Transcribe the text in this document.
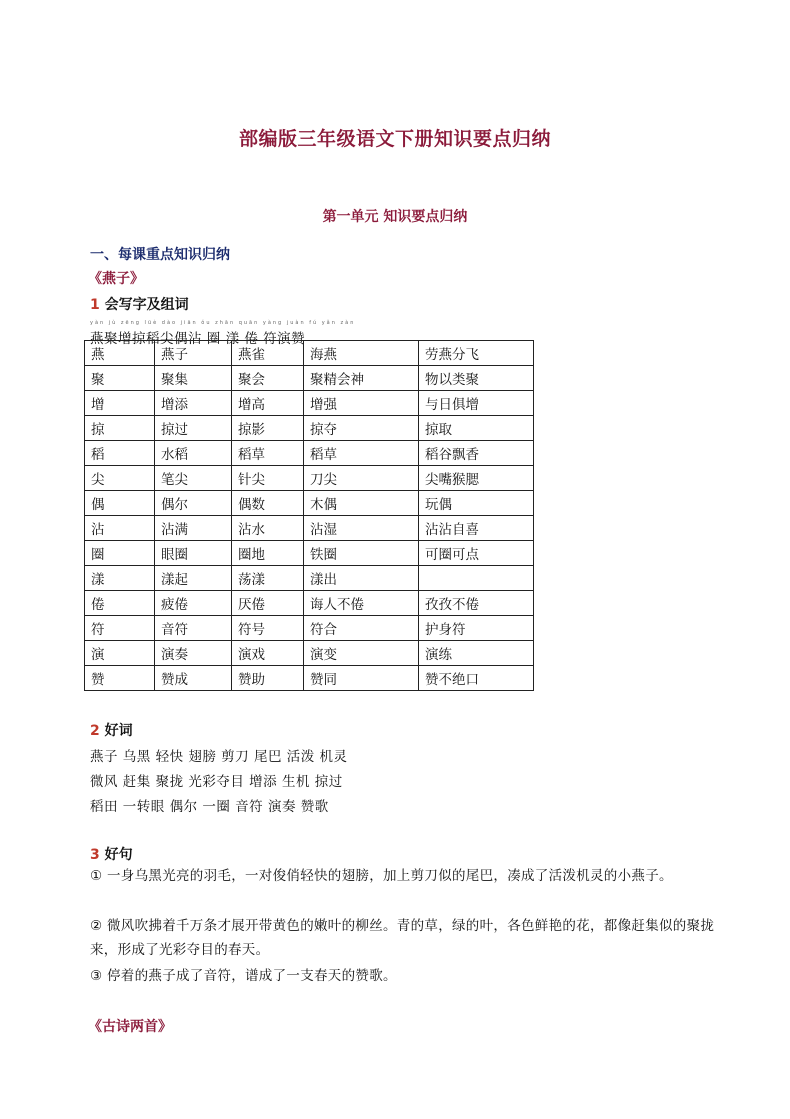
部编版三年级语文下册知识要点归纳
第一单元 知识要点归纳
一、每课重点知识归纳
《燕子》
1 会写字及组词
yàn jù zēng lüè dào jiān ǒu zhān quān yàng juàn fú yǎn zàn
燕聚增掠稻尖偶沾 圈 漾 倦 符演赞
燕	燕子	燕雀	海燕	劳燕分飞
聚	聚集	聚会	聚精会神	物以类聚
增	增添	增高	增强	与日俱增
掠	掠过	掠影	掠夺	掠取
稻	水稻	稻草	稻草	稻谷飘香
尖	笔尖	针尖	刀尖	尖嘴猴腮
偶	偶尔	偶数	木偶	玩偶
沾	沾满	沾水	沾湿	沾沾自喜
圈	眼圈	圈地	铁圈	可圈可点
漾	漾起	荡漾	漾出	
倦	疲倦	厌倦	诲人不倦	孜孜不倦
符	音符	符号	符合	护身符
演	演奏	演戏	演变	演练
赞	赞成	赞助	赞同	赞不绝口
2 好词
燕子 乌黑 轻快 翅膀 剪刀 尾巴 活泼 机灵
微风 赶集 聚拢 光彩夺目 增添 生机 掠过
稻田 一转眼 偶尔 一圈 音符 演奏 赞歌
3 好句
① 一身乌黑光亮的羽毛，一对俊俏轻快的翅膀，加上剪刀似的尾巴，凑成了活泼机灵的小燕子。
② 微风吹拂着千万条才展开带黄色的嫩叶的柳丝。青的草，绿的叶，各色鲜艳的花，都像赶集似的聚拢来，形成了光彩夺目的春天。
③ 停着的燕子成了音符，谱成了一支春天的赞歌。
《古诗两首》
